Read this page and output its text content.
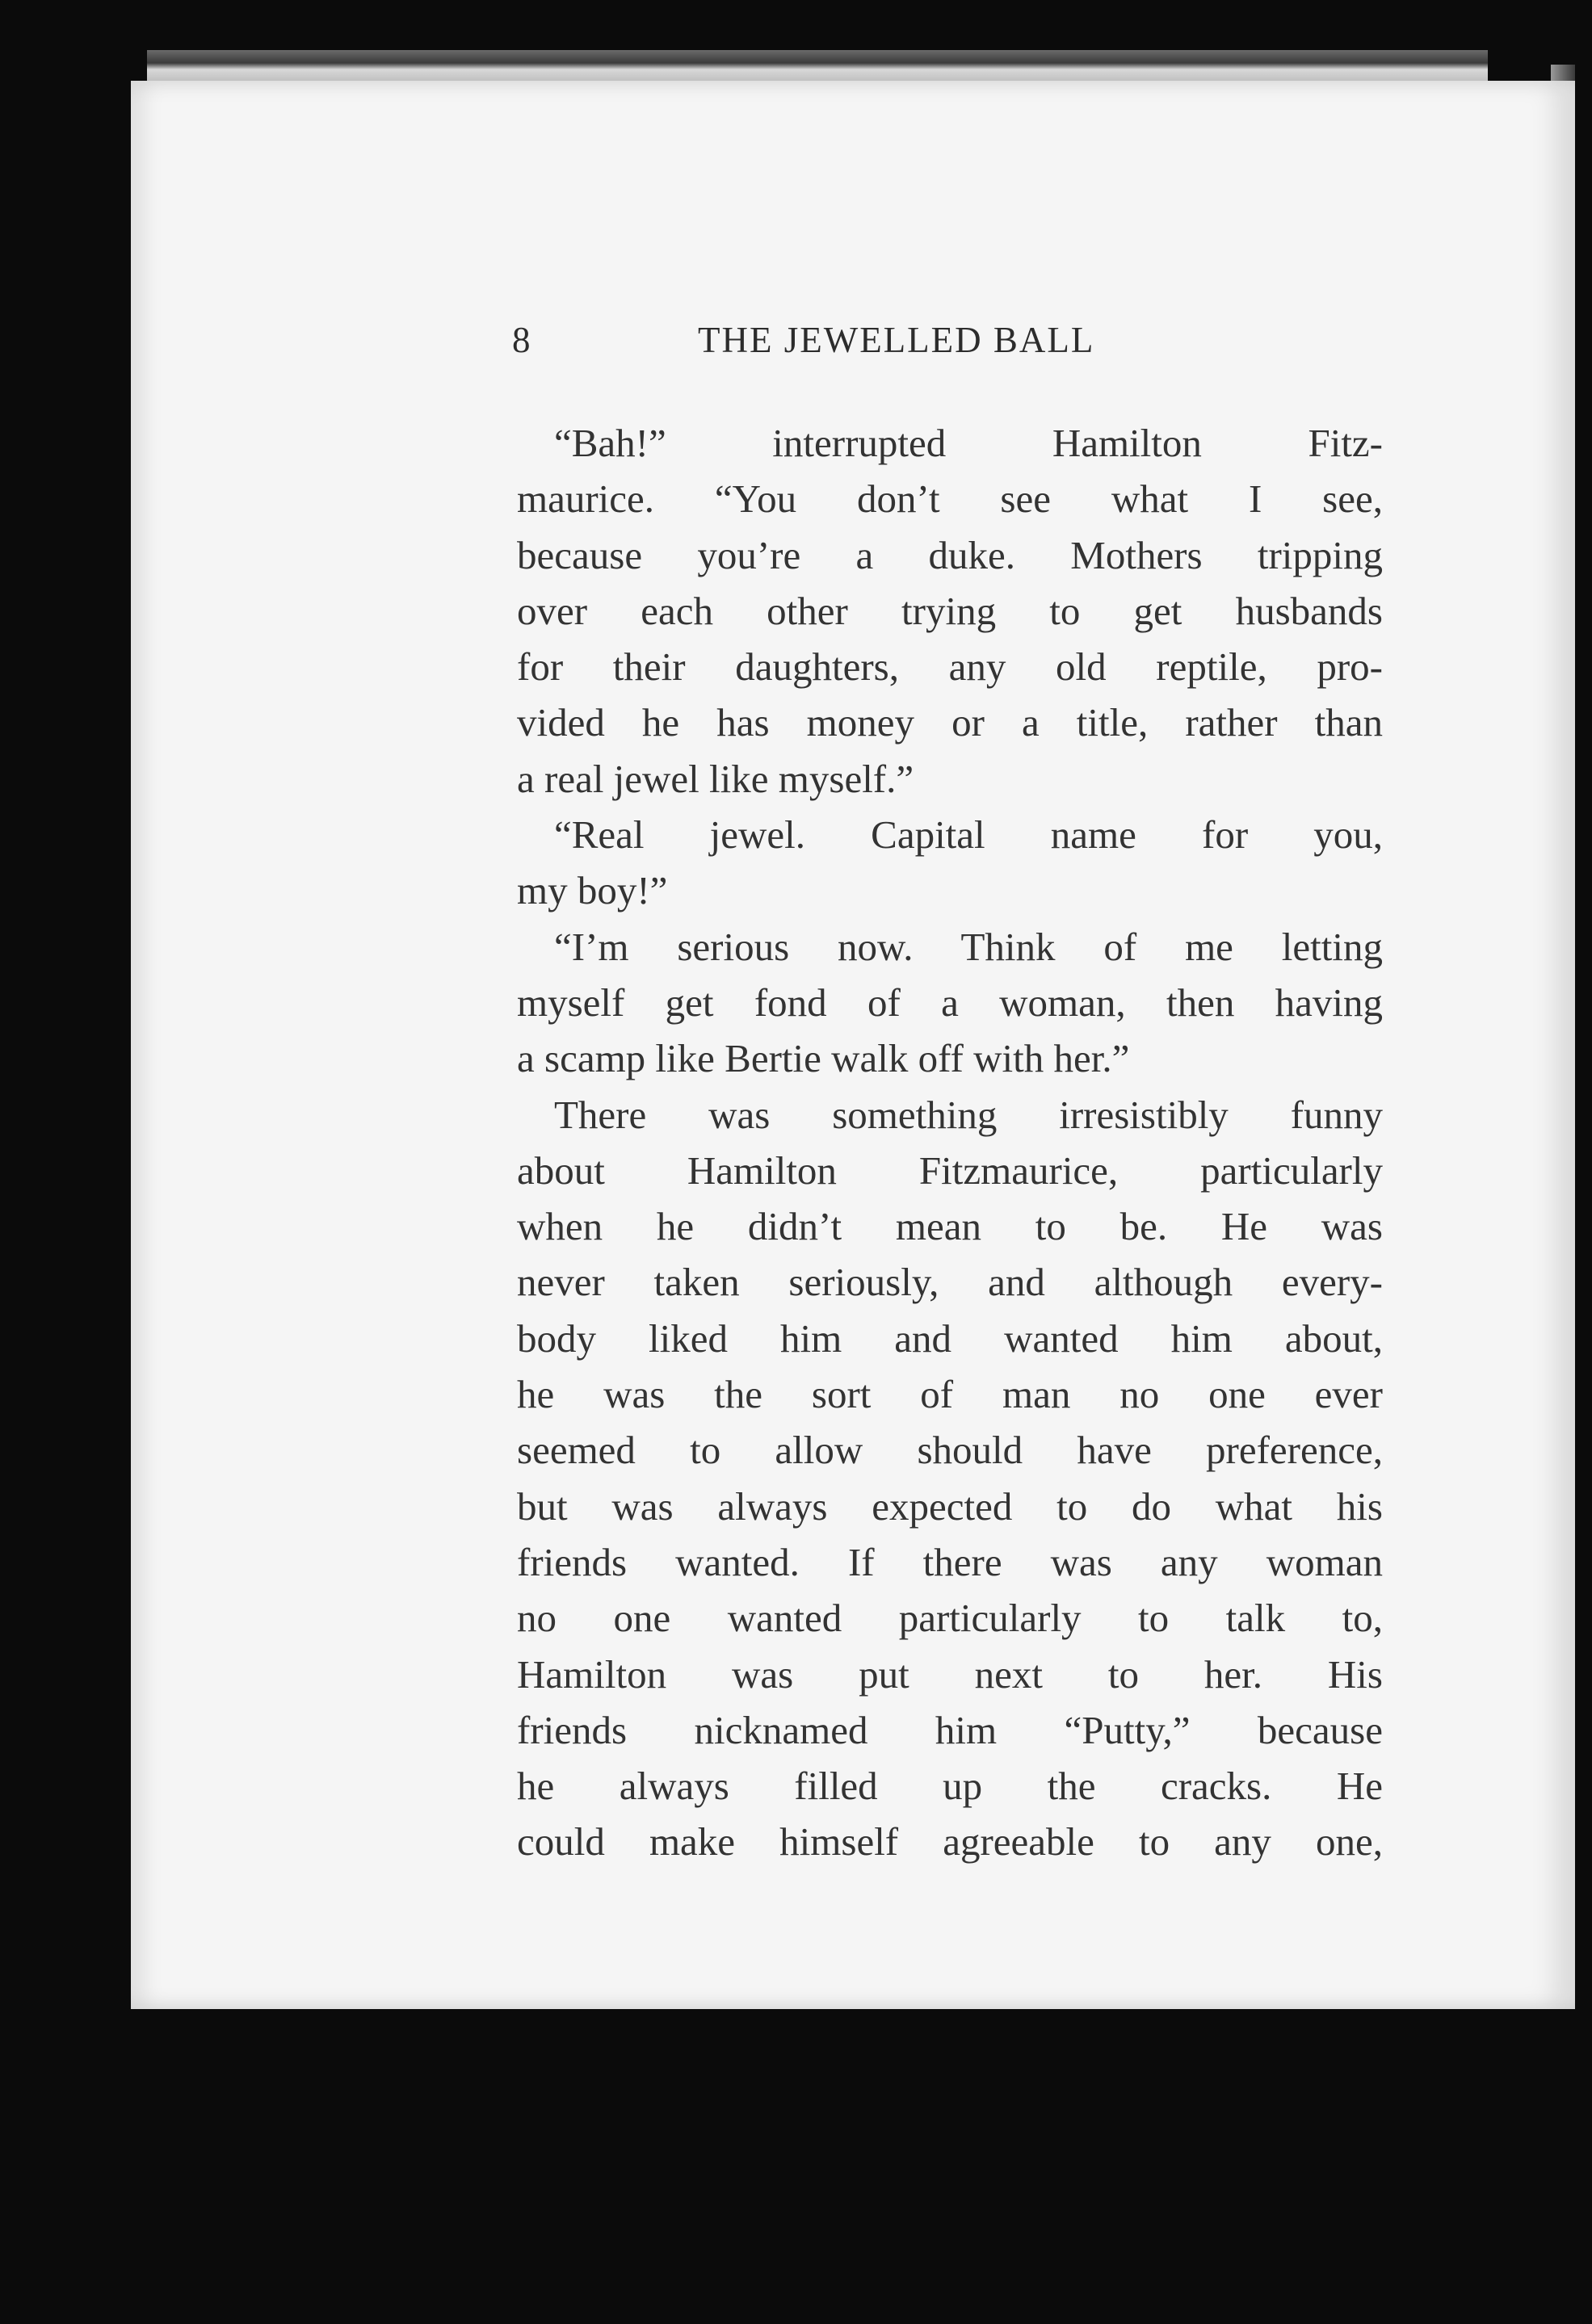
8	THE JEWELLED BALL
“Bah!” interrupted Hamilton Fitz-
maurice. “You don’t see what I see,
because you’re a duke. Mothers tripping
over each other trying to get husbands
for their daughters, any old reptile, pro-
vided he has money or a title, rather than
a real jewel like myself.”
“Real jewel. Capital name for you,
my boy!”
“I’m serious now. Think of me letting
myself get fond of a woman, then having
a scamp like Bertie walk off with her.”
There was something irresistibly funny
about Hamilton Fitzmaurice, particularly
when he didn’t mean to be. He was
never taken seriously, and although every-
body liked him and wanted him about,
he was the sort of man no one ever
seemed to allow should have preference,
but was always expected to do what his
friends wanted. If there was any woman
no one wanted particularly to talk to,
Hamilton was put next to her. His
friends nicknamed him “Putty,” because
he always filled up the cracks. He
could make himself agreeable to any one,
